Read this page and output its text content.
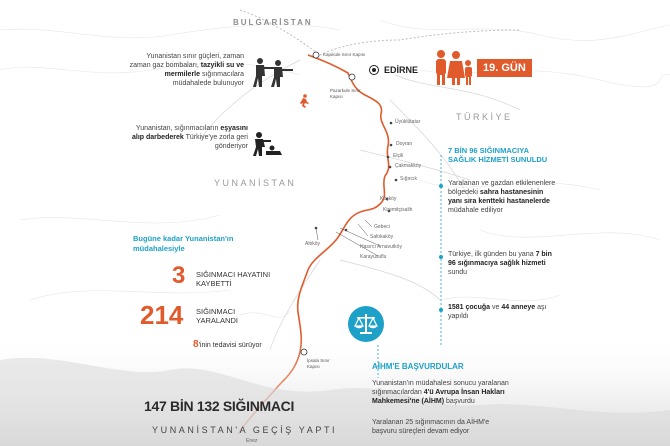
BULGARİSTAN
TÜRKİYE
YUNANİSTAN
EDİRNE
Kapıkule Sınır Kapısı
Pazarkule Sınır Kapısı
İpsala Sınır Kapısı
Üyüklütatar
Doyran
Elçili
Çakmakköy
Sığırcık
Köşköy
Kiremitçisalih
Gebeci
Saltıkaköy
Hasırcı Arnavutköy
Karayusuflu
Altıköy
Enez
19. GÜN
Yunanistan sınır güçleri, zaman zaman gaz bombaları, tazyikli su ve mermilerle sığınmacılara müdahalede bulunuyor
Yunanistan, sığınmacıların eşyasını alıp darbederek Türkiye'ye zorla geri gönderiyor
Bugüne kadar Yunanistan'ın müdahalesiyle
3 SIĞINMACI HAYATINI KAYBETTİ
214 SIĞINMACI YARALANDI
8'inin tedavisi sürüyor
7 BİN 96 SIĞINMACIYA SAĞLIK HİZMETİ SUNULDU
Yaralanan ve gazdan etkilenenlere bölgedeki sahra hastanesinin yanı sıra kentteki hastanelerde müdahale ediliyor
Türkiye, ilk günden bu yana 7 bin 96 sığınmacıya sağlık hizmeti sundu
1581 çocuğa ve 44 anneye aşı yapıldı
AİHM'E BAŞVURDULAR
Yunanistan'ın müdahalesi sonucu yaralanan sığınmacılardan 4'ü Avrupa İnsan Hakları Mahkemesi'ne (AİHM) başvurdu
Yaralanan 25 sığınmacının da AİHM'e başvuru süreçleri devam ediyor
147 BİN 132 SIĞINMACI
YUNANİSTAN'A GEÇİŞ YAPTI
